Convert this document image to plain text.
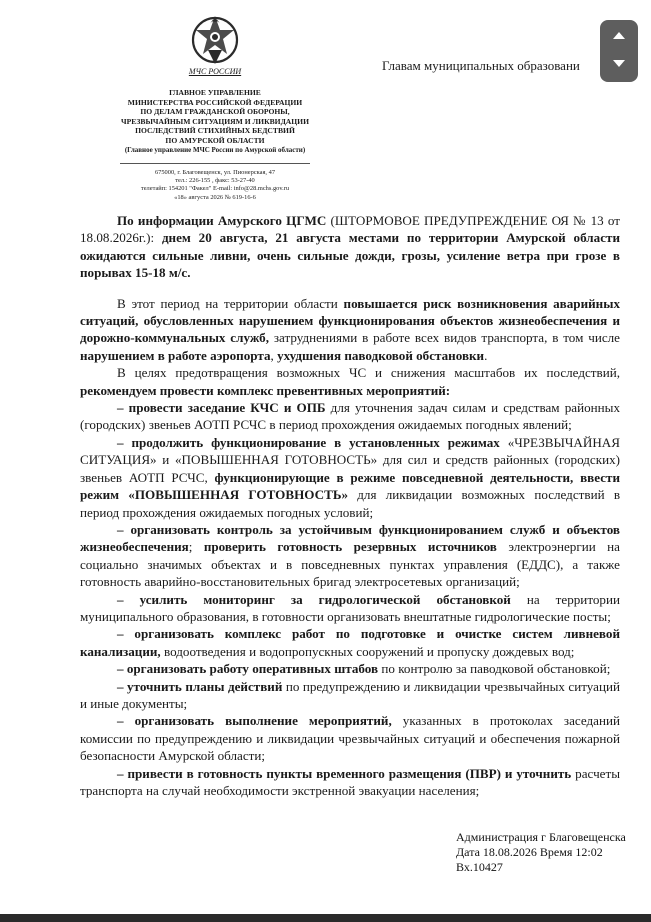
МЧС РОССИИ
ГЛАВНОЕ УПРАВЛЕНИЕ
МИНИСТЕРСТВА РОССИЙСКОЙ ФЕДЕРАЦИИ
ПО ДЕЛАМ ГРАЖДАНСКОЙ ОБОРОНЫ,
ЧРЕЗВЫЧАЙНЫМ СИТУАЦИЯМ И ЛИКВИДАЦИИ
ПОСЛЕДСТВИЙ СТИХИЙНЫХ БЕДСТВИЙ
ПО АМУРСКОЙ ОБЛАСТИ
(Главное управление МЧС России по Амурской области)
675000, г. Благовещенск, ул. Пионерская, 47
тел.: 226-155 , факс: 53-27-40
телетайп: 154201 "Факел" E-mail: info@28.mchs.gov.ru
«18» августа 2026 № 619-16-6
Главам муниципальных образовани

По информации Амурского ЦГМС (ШТОРМОВОЕ ПРЕДУПРЕЖДЕНИЕ ОЯ № 13 от 18.08.2026г.): днем 20 августа, 21 августа местами по территории Амурской области ожидаются сильные ливни, очень сильные дожди, грозы, усиление ветра при грозе в порывах 15-18 м/с.

В этот период на территории области повышается риск возникновения аварийных ситуаций, обусловленных нарушением функционирования объектов жизнеобеспечения и дорожно-коммунальных служб, затруднениями в работе всех видов транспорта, в том числе нарушением в работе аэропорта, ухудшения паводковой обстановки.

В целях предотвращения возможных ЧС и снижения масштабов их последствий, рекомендуем провести комплекс превентивных мероприятий:

– провести заседание КЧС и ОПБ для уточнения задач силам и средствам районных (городских) звеньев АОТП РСЧС в период прохождения ожидаемых погодных явлений;

– продолжить функционирование в установленных режимах «ЧРЕЗВЫЧАЙНАЯ СИТУАЦИЯ» и «ПОВЫШЕННАЯ ГОТОВНОСТЬ» для сил и средств районных (городских) звеньев АОТП РСЧС, функционирующие в режиме повседневной деятельности, ввести режим «ПОВЫШЕННАЯ ГОТОВНОСТЬ» для ликвидации возможных последствий в период прохождения ожидаемых погодных условий;

– организовать контроль за устойчивым функционированием служб и объектов жизнеобеспечения; проверить готовность резервных источников электроэнергии на социально значимых объектах и в повседневных пунктах управления (ЕДДС), а также готовность аварийно-восстановительных бригад электросетевых организаций;

– усилить мониторинг за гидрологической обстановкой на территории муниципального образования, в готовности организовать внештатные гидрологические посты;

– организовать комплекс работ по подготовке и очистке систем ливневой канализации, водоотведения и водопропускных сооружений и пропуску дождевых вод;

– организовать работу оперативных штабов по контролю за паводковой обстановкой;

– уточнить планы действий по предупреждению и ликвидации чрезвычайных ситуаций и иные документы;

– организовать выполнение мероприятий, указанных в протоколах заседаний комиссии по предупреждению и ликвидации чрезвычайных ситуаций и обеспечения пожарной безопасности Амурской области;

– привести в готовность пункты временного размещения (ПВР) и уточнить расчеты транспорта на случай необходимости экстренной эвакуации населения;

Администрация г Благовещенска
Дата 18.08.2026 Время 12:02
Вх.10427
